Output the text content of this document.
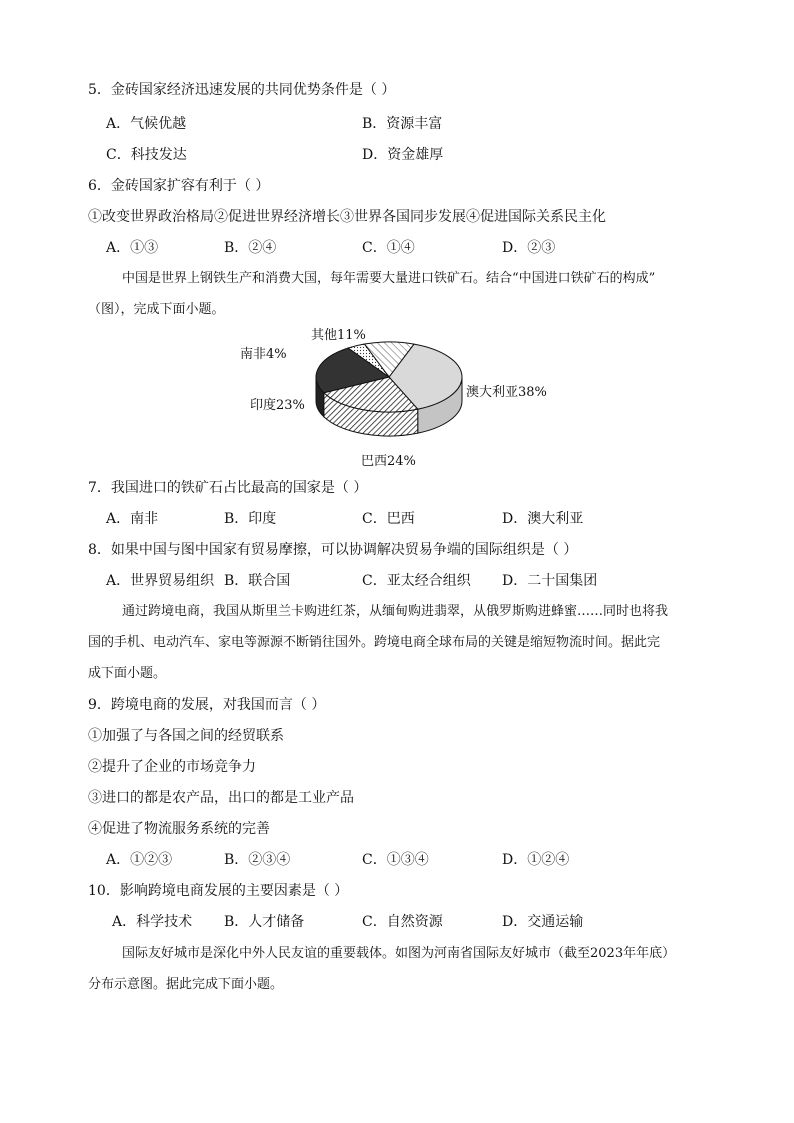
5．金砖国家经济迅速发展的共同优势条件是（ ）
A．气候优越	B．资源丰富
C．科技发达	D．资金雄厚
6．金砖国家扩容有利于（ ）
①改变世界政治格局②促进世界经济增长③世界各国同步发展④促进国际关系民主化
A．①③	B．②④	C．①④	D．②③
中国是世界上钢铁生产和消费大国，每年需要大量进口铁矿石。结合“中国进口铁矿石的构成”
（图），完成下面小题。
澳大利亚38%
巴西24%
印度23%
南非4%
其他11%
7．我国进口的铁矿石占比最高的国家是（ ）
A．南非	B．印度	C．巴西	D．澳大利亚
8．如果中国与图中国家有贸易摩擦，可以协调解决贸易争端的国际组织是（ ）
A．世界贸易组织 B．联合国	C．亚太经合组织 D．二十国集团
通过跨境电商，我国从斯里兰卡购进红茶，从缅甸购进翡翠，从俄罗斯购进蜂蜜……同时也将我
国的手机、电动汽车、家电等源源不断销往国外。跨境电商全球布局的关键是缩短物流时间。据此完
成下面小题。
9．跨境电商的发展，对我国而言（ ）
①加强了与各国之间的经贸联系
②提升了企业的市场竞争力
③进口的都是农产品，出口的都是工业产品
④促进了物流服务系统的完善
A．①②③	B．②③④	C．①③④	D．①②④
10．影响跨境电商发展的主要因素是（ ）
A．科学技术 B．人才储备	C．自然资源	D．交通运输
国际友好城市是深化中外人民友谊的重要载体。如图为河南省国际友好城市（截至2023年年底）
分布示意图。据此完成下面小题。
